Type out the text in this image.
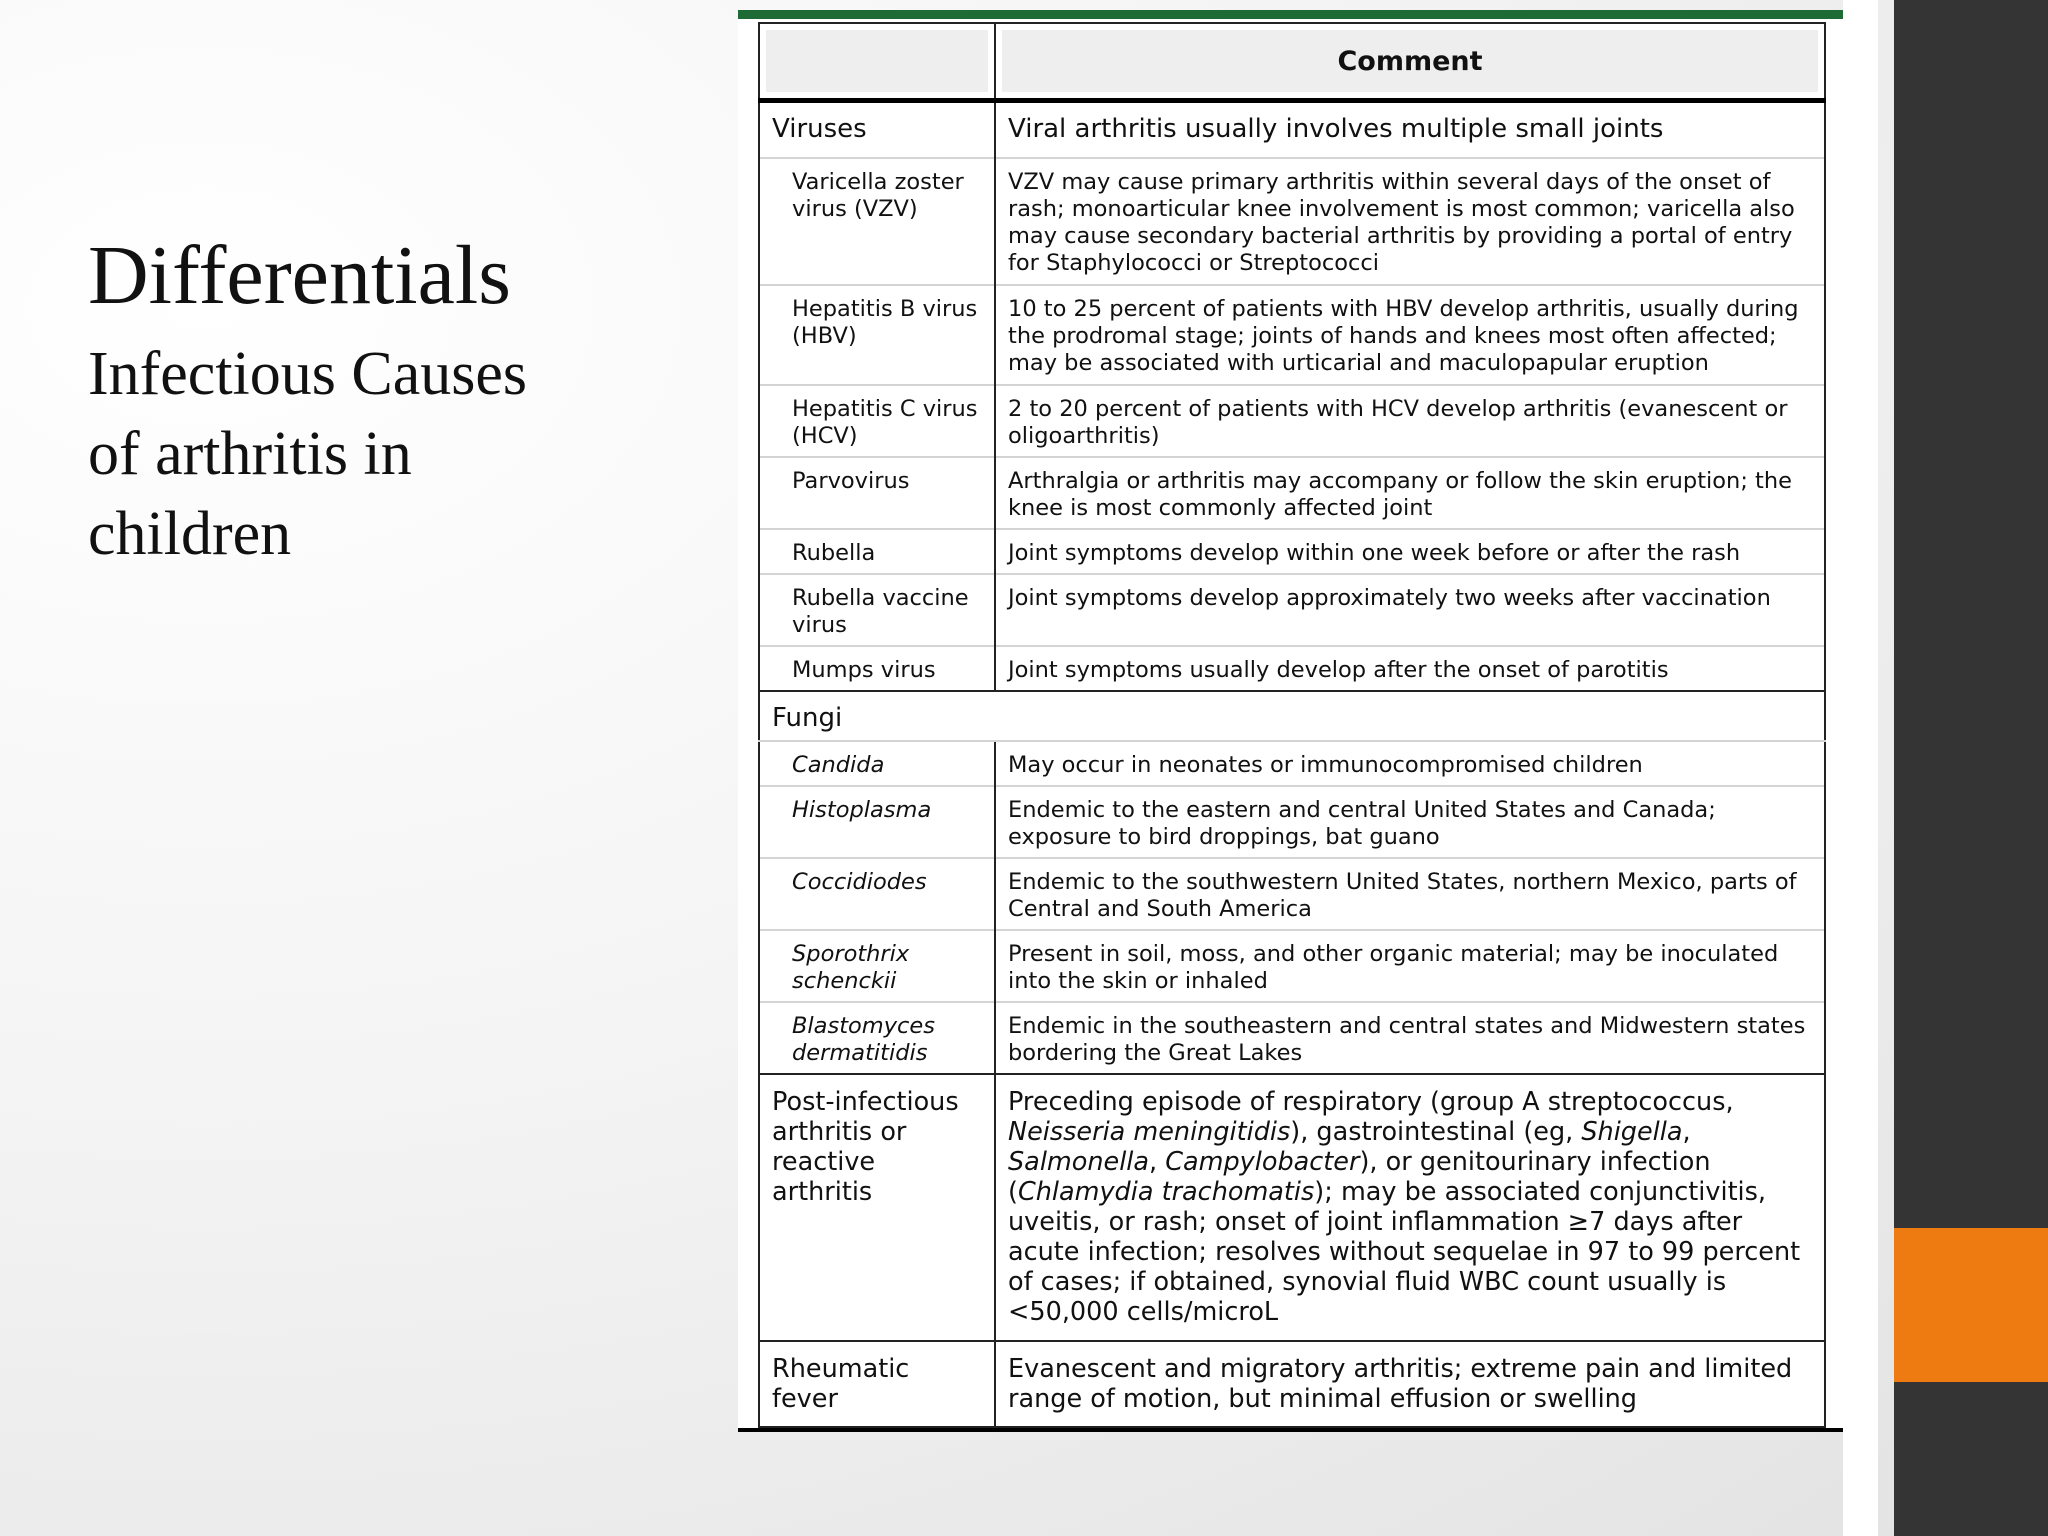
Differentials
Infectious Causes
of arthritis in
children
	Comment
Viruses	Viral arthritis usually involves multiple small joints
Varicella zoster virus (VZV)	VZV may cause primary arthritis within several days of the onset of rash; monoarticular knee involvement is most common; varicella also may cause secondary bacterial arthritis by providing a portal of entry for Staphylococci or Streptococci
Hepatitis B virus (HBV)	10 to 25 percent of patients with HBV develop arthritis, usually during the prodromal stage; joints of hands and knees most often affected; may be associated with urticarial and maculopapular eruption
Hepatitis C virus (HCV)	2 to 20 percent of patients with HCV develop arthritis (evanescent or oligoarthritis)
Parvovirus	Arthralgia or arthritis may accompany or follow the skin eruption; the knee is most commonly affected joint
Rubella	Joint symptoms develop within one week before or after the rash
Rubella vaccine virus	Joint symptoms develop approximately two weeks after vaccination
Mumps virus	Joint symptoms usually develop after the onset of parotitis
Fungi	
Candida	May occur in neonates or immunocompromised children
Histoplasma	Endemic to the eastern and central United States and Canada; exposure to bird droppings, bat guano
Coccidiodes	Endemic to the southwestern United States, northern Mexico, parts of Central and South America
Sporothrix schenckii	Present in soil, moss, and other organic material; may be inoculated into the skin or inhaled
Blastomyces dermatitidis	Endemic in the southeastern and central states and Midwestern states bordering the Great Lakes
Post-infectious arthritis or reactive arthritis	Preceding episode of respiratory (group A streptococcus, Neisseria meningitidis), gastrointestinal (eg, Shigella, Salmonella, Campylobacter), or genitourinary infection (Chlamydia trachomatis); may be associated conjunctivitis, uveitis, or rash; onset of joint inflammation ≥7 days after acute infection; resolves without sequelae in 97 to 99 percent of cases; if obtained, synovial fluid WBC count usually is <50,000 cells/microL
Rheumatic fever	Evanescent and migratory arthritis; extreme pain and limited range of motion, but minimal effusion or swelling
